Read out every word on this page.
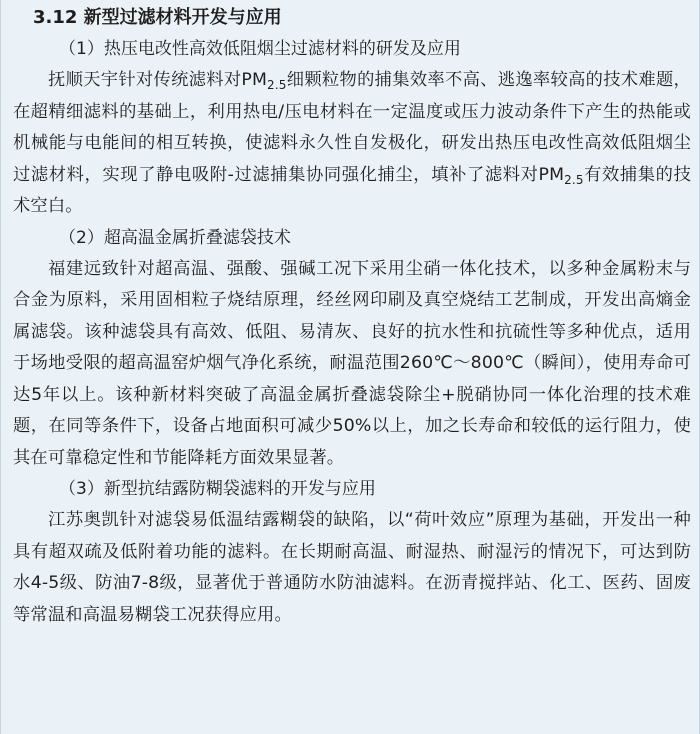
3.12 新型过滤材料开发与应用
（1）热压电改性高效低阻烟尘过滤材料的研发及应用

抚顺天宇针对传统滤料对$PM_{2.5}$细颗粒物的捕集效率不高、逃逸率较高的技术难题，在超精细滤料的基础上，利用热电/压电材料在一定温度或压力波动条件下产生的热能或机械能与电能间的相互转换，使滤料永久性自发极化，研发出热压电改性高效低阻烟尘过滤材料，实现了静电吸附-过滤捕集协同强化捕尘，填补了滤料对$PM_{2.5}$有效捕集的技术空白。

（2）超高温金属折叠滤袋技术

福建远致针对超高温、强酸、强碱工况下采用尘硝一体化技术，以多种金属粉末与合金为原料，采用固相粒子烧结原理，经丝网印刷及真空烧结工艺制成，开发出高熵金属滤袋。该种滤袋具有高效、低阻、易清灰、良好的抗水性和抗硫性等多种优点，适用于场地受限的超高温窑炉烟气净化系统，耐温范围260℃～800℃（瞬间），使用寿命可达5年以上。该种新材料突破了高温金属折叠滤袋除尘+脱硝协同一体化治理的技术难题，在同等条件下，设备占地面积可减少50%以上，加之长寿命和较低的运行阻力，使其在可靠稳定性和节能降耗方面效果显著。

（3）新型抗结露防糊袋滤料的开发与应用

江苏奥凯针对滤袋易低温结露糊袋的缺陷，以“荷叶效应”原理为基础，开发出一种具有超双疏及低附着功能的滤料。在长期耐高温、耐湿热、耐湿污的情况下，可达到防水4-5级、防油7-8级，显著优于普通防水防油滤料。在沥青搅拌站、化工、医药、固废等常温和高温易糊袋工况获得应用。
